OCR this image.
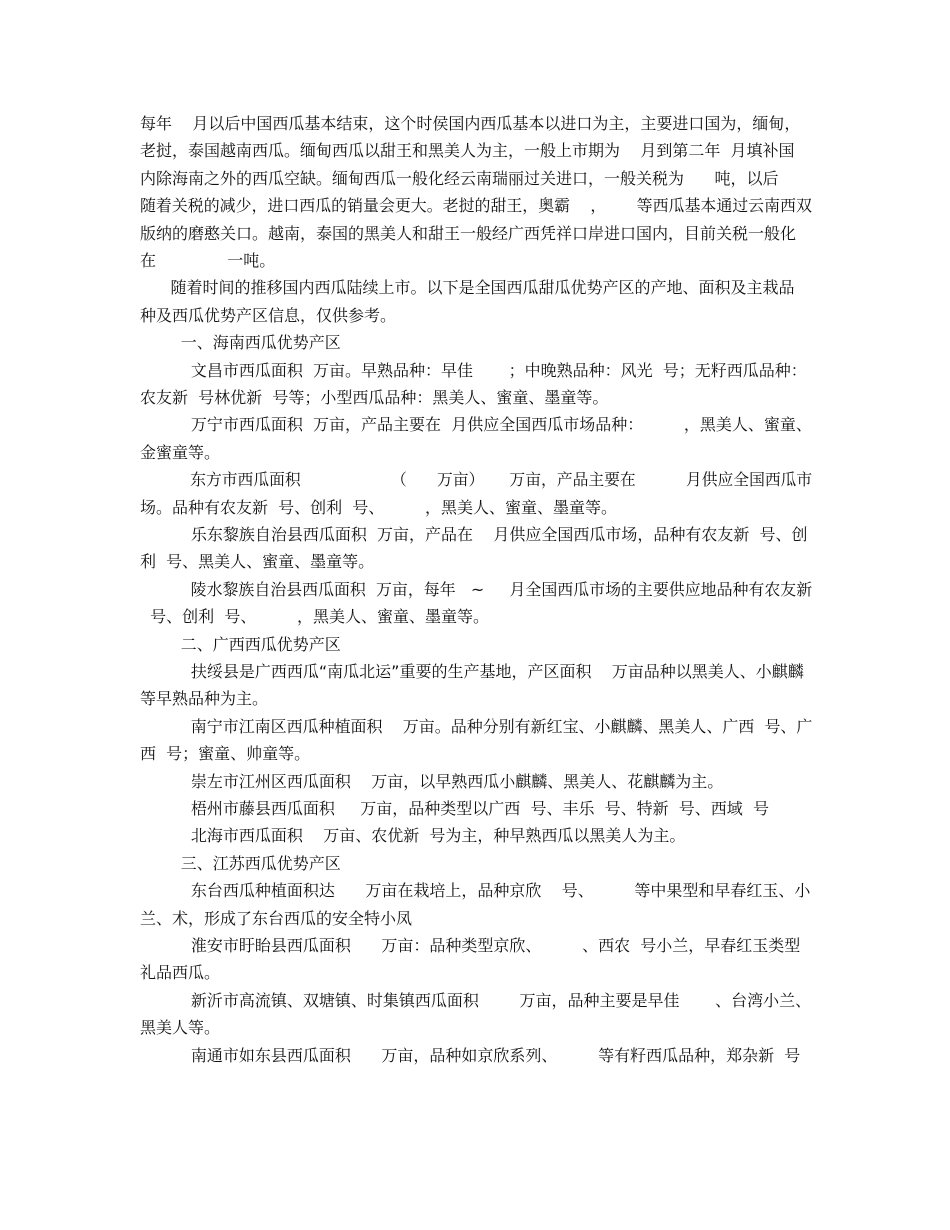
每年    月以后中国西瓜基本结束，这个时侯国内西瓜基本以进口为主，主要进口国为，缅甸，

老挝，泰国越南西瓜。缅甸西瓜以甜王和黑美人为主，一般上市期为    月到第二年  月填补国

内除海南之外的西瓜空缺。缅甸西瓜一般化经云南瑞丽过关进口，一般关税为      吨，以后

随着关税的减少，进口西瓜的销量会更大。老挝的甜王，奥霸    ，      等西瓜基本通过云南西双

版纳的磨憨关口。越南，泰国的黑美人和甜王一般经广西凭祥口岸进口国内，目前关税一般化

在              一吨。

随着时间的推移国内西瓜陆续上市。以下是全国西瓜甜瓜优势产区的产地、面积及主栽品

种及西瓜优势产区信息，仅供参考。

一、海南西瓜优势产区

文昌市西瓜面积  万亩。早熟品种：早佳       ；中晚熟品种：风光  号；无籽西瓜品种：

农友新  号林优新  号等；小型西瓜品种：黑美人、蜜童、墨童等。

万宁市西瓜面积  万亩，产品主要在  月供应全国西瓜市场品种：        ，黑美人、蜜童、

金蜜童等。

东方市西瓜面积                  （      万亩）     万亩，产品主要在          月供应全国西瓜市

场。品种有农友新  号、创利  号、        ，黑美人、蜜童、墨童等。

乐东黎族自治县西瓜面积  万亩，产品在    月供应全国西瓜市场，品种有农友新  号、创

利  号、黑美人、蜜童、墨童等。

陵水黎族自治县西瓜面积  万亩，每年   ~     月全国西瓜市场的主要供应地品种有农友新

号、创利  号、        ，黑美人、蜜童、墨童等。

二、广西西瓜优势产区

扶绥县是广西西瓜“南瓜北运”重要的生产基地，产区面积    万亩品种以黑美人、小麒麟

等早熟品种为主。

南宁市江南区西瓜种植面积    万亩。品种分别有新红宝、小麒麟、黑美人、广西  号、广

西  号；蜜童、帅童等。

崇左市江州区西瓜面积    万亩，以早熟西瓜小麒麟、黑美人、花麒麟为主。

梧州市藤县西瓜面积     万亩，品种类型以广西  号、丰乐  号、特新  号、西域  号

北海市西瓜面积    万亩、农优新  号为主，种早熟西瓜以黑美人为主。

三、江苏西瓜优势产区

东台西瓜种植面积达      万亩在栽培上，品种京欣    号、        等中果型和早春红玉、小

兰、术，形成了东台西瓜的安全特小凤

淮安市盱眙县西瓜面积      万亩：品种类型京欣、        、西农  号小兰，早春红玉类型

礼品西瓜。

新沂市高流镇、双塘镇、时集镇西瓜面积        万亩，品种主要是早佳       、台湾小兰、

黑美人等。

南通市如东县西瓜面积      万亩，品种如京欣系列、        等有籽西瓜品种，郑杂新  号
